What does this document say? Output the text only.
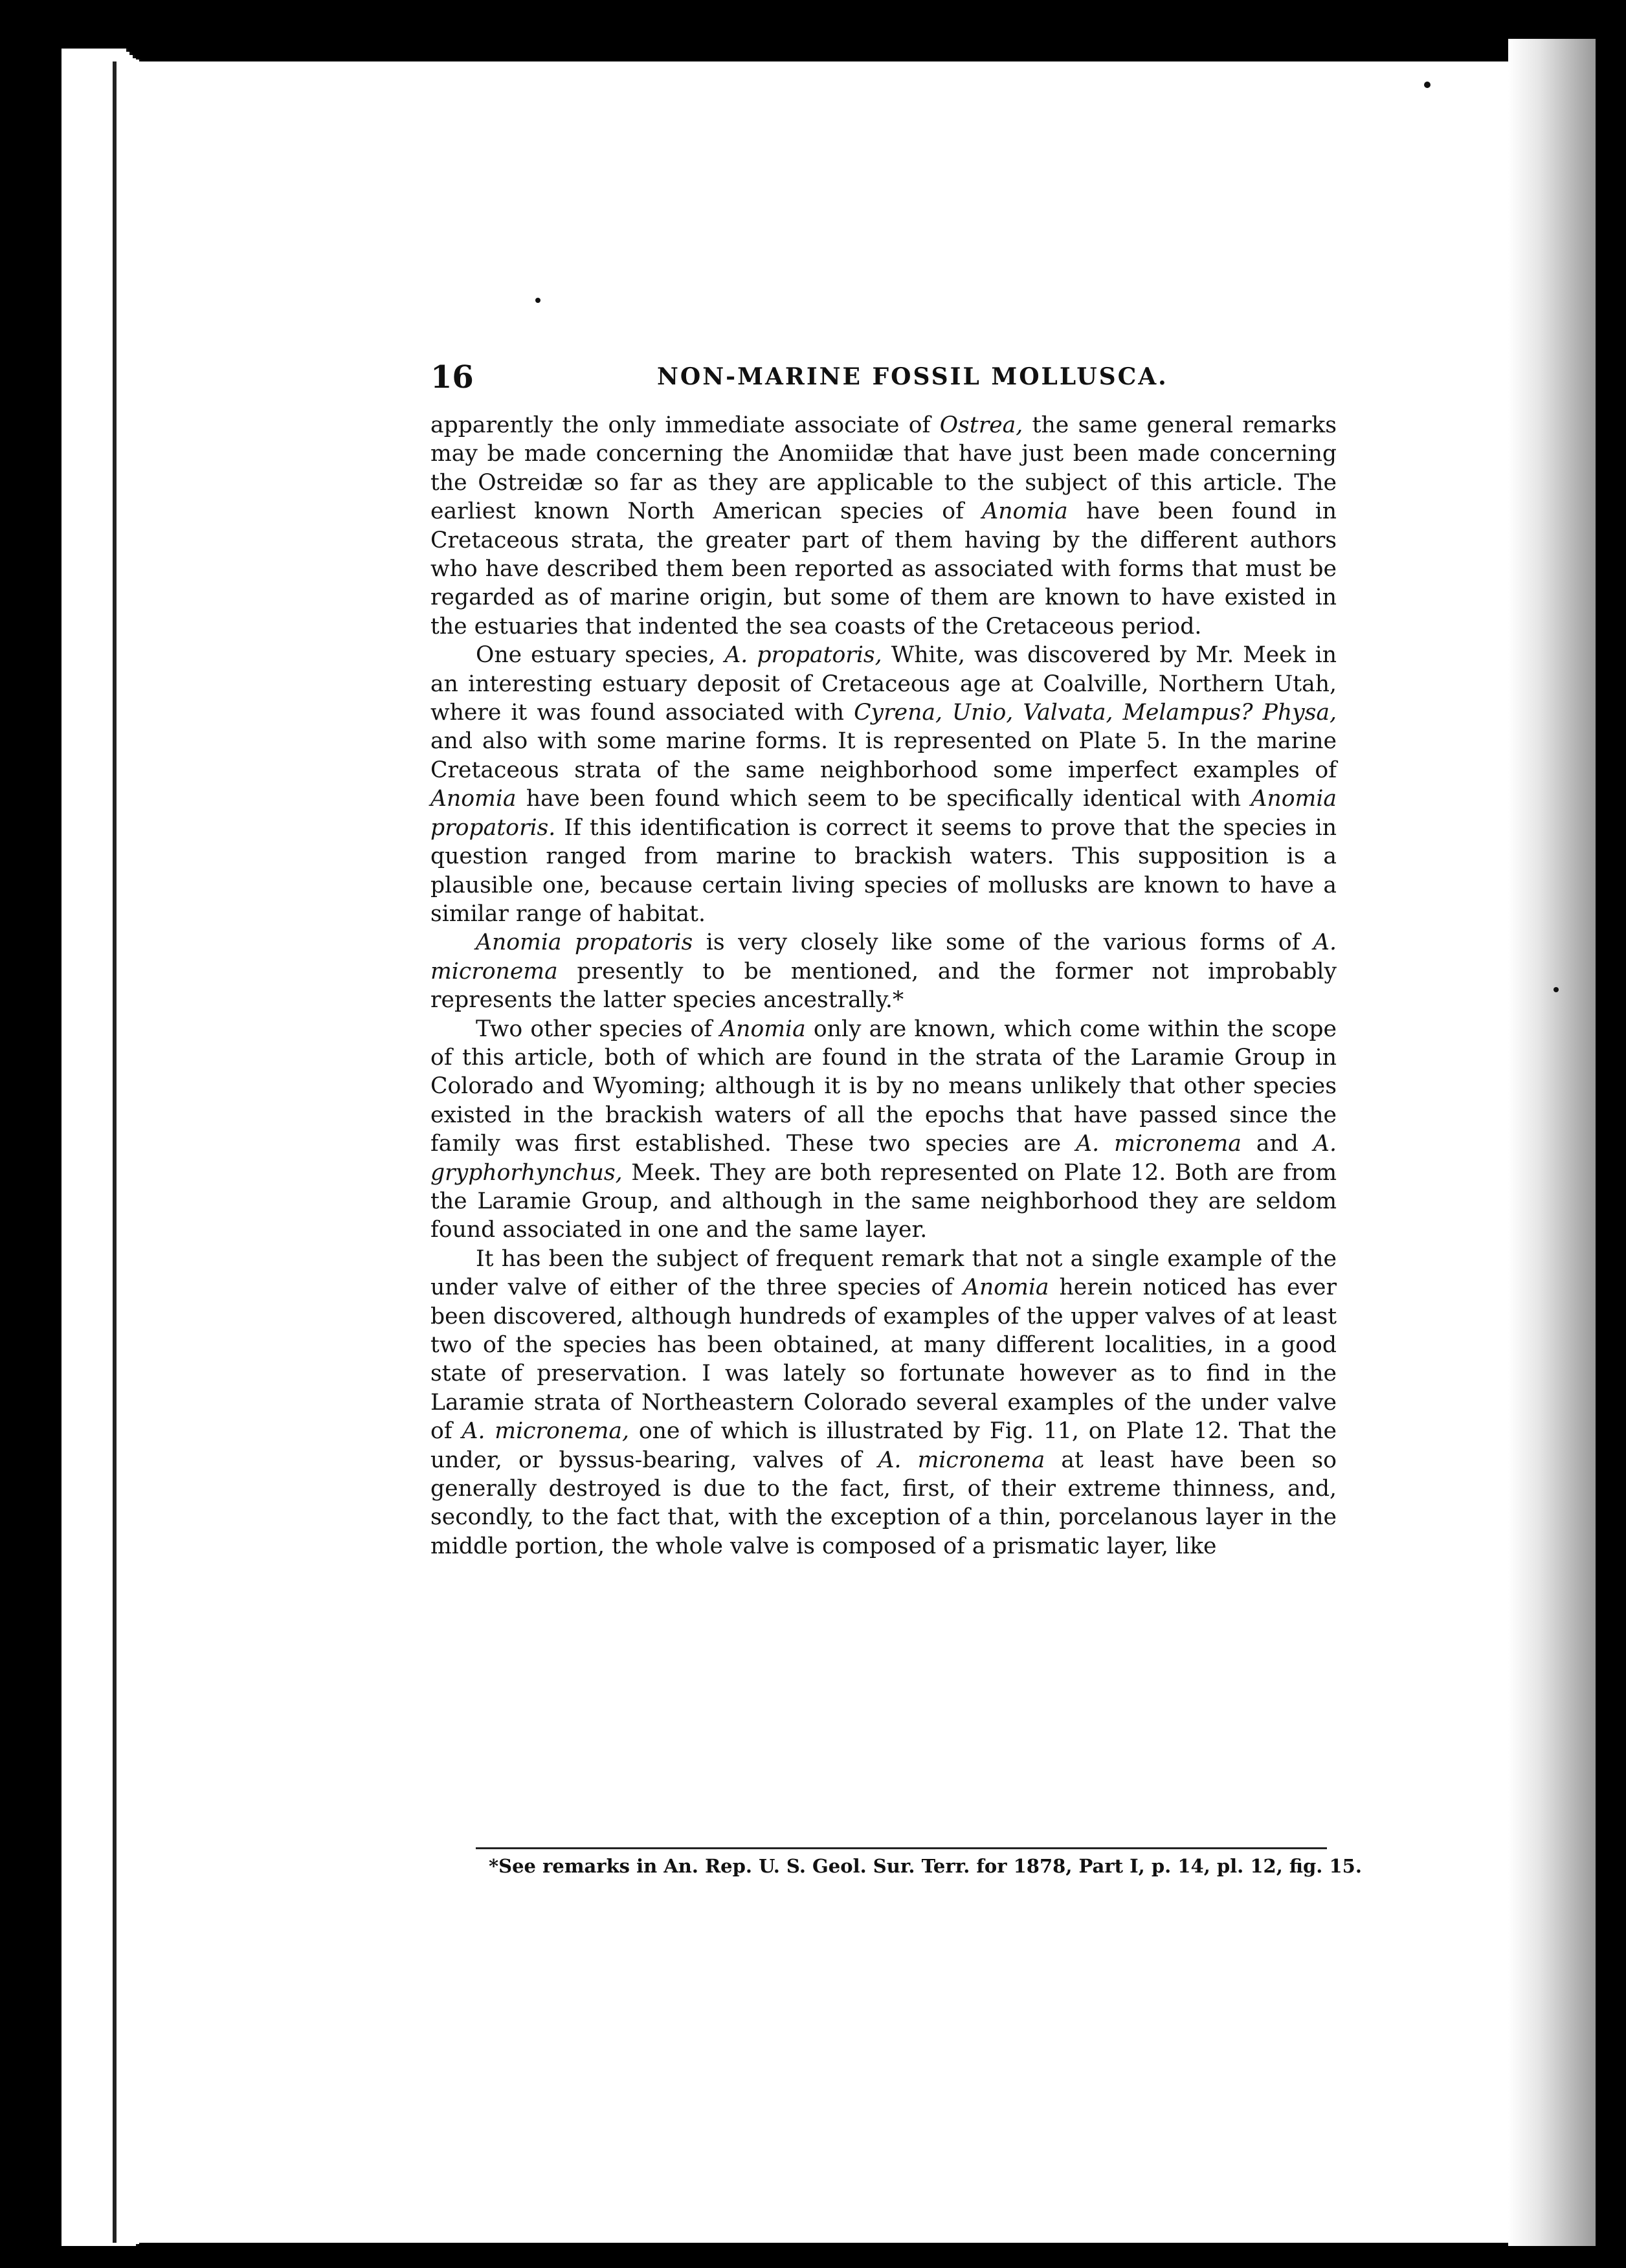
16	NON-MARINE FOSSIL MOLLUSCA.

apparently the only immediate associate of Ostrea, the same general remarks may be made concerning the Anomiidæ that have just been made concerning the Ostreidæ so far as they are applicable to the subject of this article. The earliest known North American species of Anomia have been found in Cretaceous strata, the greater part of them having by the different authors who have described them been reported as associated with forms that must be regarded as of marine origin, but some of them are known to have existed in the estuaries that indented the sea coasts of the Cretaceous period.

One estuary species, A. propatoris, White, was discovered by Mr. Meek in an interesting estuary deposit of Cretaceous age at Coalville, Northern Utah, where it was found associated with Cyrena, Unio, Valvata, Melampus? Physa, and also with some marine forms. It is represented on Plate 5. In the marine Cretaceous strata of the same neighborhood some imperfect examples of Anomia have been found which seem to be specifically identical with Anomia propatoris. If this identification is correct it seems to prove that the species in question ranged from marine to brackish waters. This supposition is a plausible one, because certain living species of mollusks are known to have a similar range of habitat.

Anomia propatoris is very closely like some of the various forms of A. micronema presently to be mentioned, and the former not improbably represents the latter species ancestrally.*

Two other species of Anomia only are known, which come within the scope of this article, both of which are found in the strata of the Laramie Group in Colorado and Wyoming; although it is by no means unlikely that other species existed in the brackish waters of all the epochs that have passed since the family was first established. These two species are A. micronema and A. gryphorhynchus, Meek. They are both represented on Plate 12. Both are from the Laramie Group, and although in the same neighborhood they are seldom found associated in one and the same layer.

It has been the subject of frequent remark that not a single example of the under valve of either of the three species of Anomia herein noticed has ever been discovered, although hundreds of examples of the upper valves of at least two of the species has been obtained, at many different localities, in a good state of preservation. I was lately so fortunate however as to find in the Laramie strata of Northeastern Colorado several examples of the under valve of A. micronema, one of which is illustrated by Fig. 11, on Plate 12. That the under, or byssus-bearing, valves of A. micronema at least have been so generally destroyed is due to the fact, first, of their extreme thinness, and, secondly, to the fact that, with the exception of a thin, porcelanous layer in the middle portion, the whole valve is composed of a prismatic layer, like

*See remarks in An. Rep. U. S. Geol. Sur. Terr. for 1878, Part I, p. 14, pl. 12, fig. 15.
